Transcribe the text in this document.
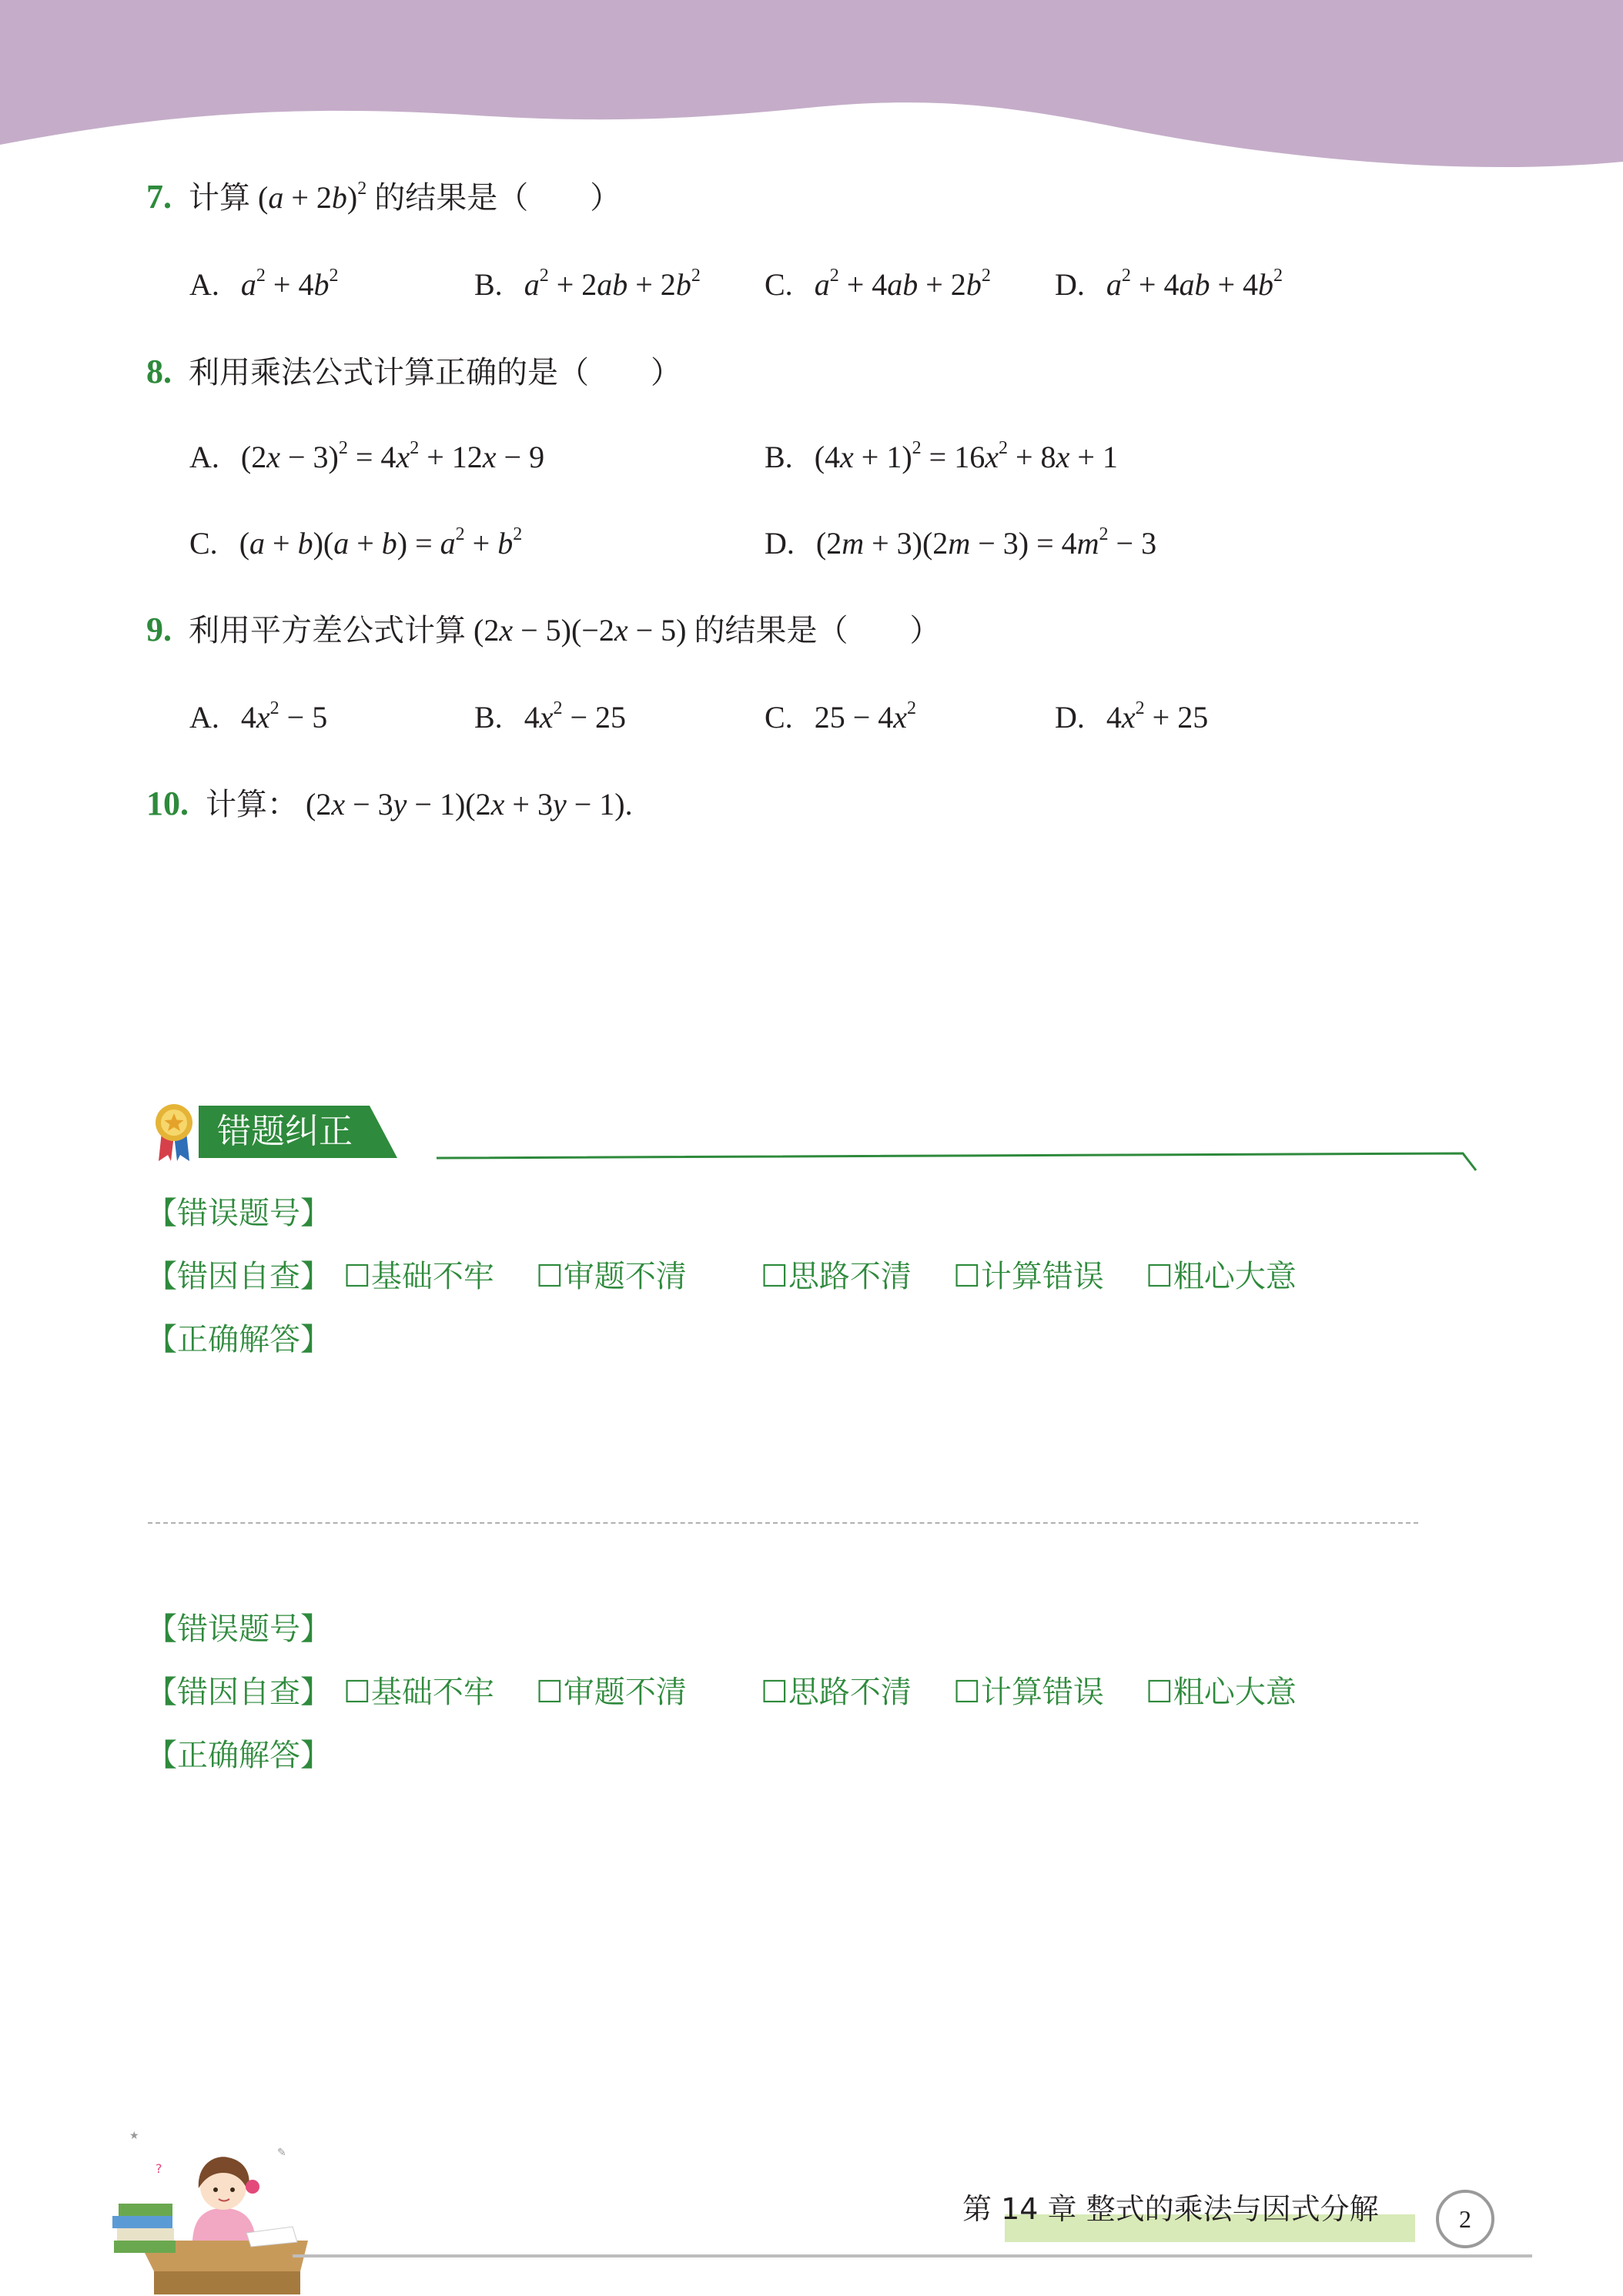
7. 计算 $(a + 2b)^2$ 的结果是（　　）
A. $a^2 + 4b^2$	B. $a^2 + 2ab + 2b^2$ C. $a^2 + 4ab + 2b^2$ D. $a^2 + 4ab + 4b^2$
8. 利用乘法公式计算正确的是（　　）
A. $(2x - 3)^2 = 4x^2 + 12x - 9$	B. $(4x + 1)^2 = 16x^2 + 8x + 1$
C. $(a + b)(a + b) = a^2 + b^2$	D. $(2m + 3)(2m - 3) = 4m^2 - 3$
9. 利用平方差公式计算 (2x − 5)(−2x − 5) 的结果是（　　）
A. $4x^2 - 5$	B. $4x^2 - 25$	C. $25 - 4x^2$	D. $4x^2 + 25$
10. 计算： (2x − 3y − 1)(2x + 3y − 1).
错题纠正
【错误题号】
【错因自查】 ☐基础不牢 ☐审题不清 ☐思路不清 ☐计算错误 ☐粗心大意
【正确解答】
【错误题号】
【错因自查】 ☐基础不牢 ☐审题不清 ☐思路不清 ☐计算错误 ☐粗心大意
【正确解答】
★
?
✎
第 14 章 整式的乘法与因式分解	2
